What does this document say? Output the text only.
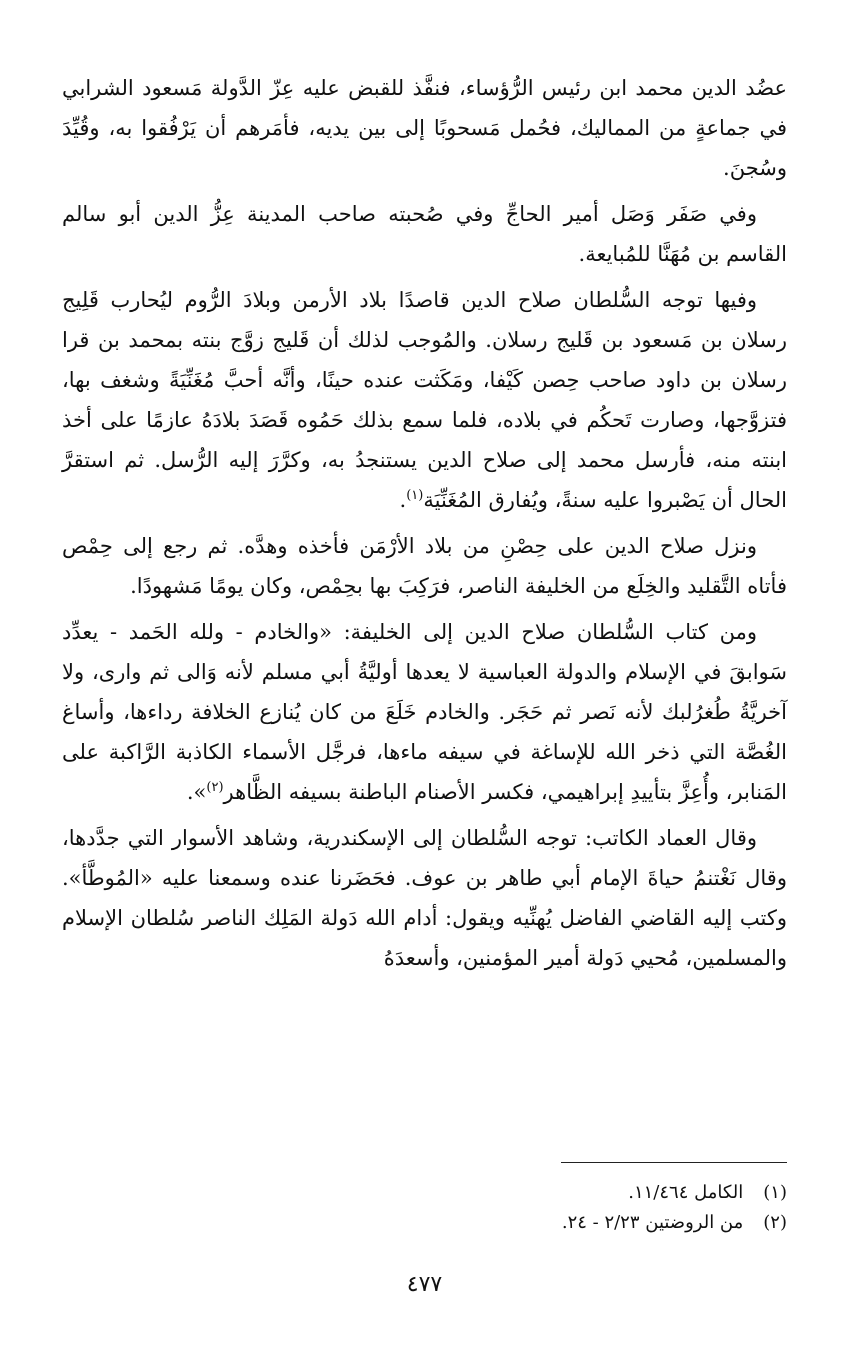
عضُد الدين محمد ابن رئيس الرُّؤساء، فنفَّذ للقبض عليه عِزّ الدَّولة مَسعود الشرابي في جماعةٍ من المماليك، فحُمل مَسحوبًا إلى بين يديه، فأمَرهم أن يَرْفُقوا به، وقُيِّدَ وسُجنَ.

وفي صَفَر وَصَل أمير الحاجِّ وفي صُحبته صاحب المدينة عِزُّ الدين أبو سالم القاسم بن مُهَنَّا للمُبايعة.

وفيها توجه السُّلطان صلاح الدين قاصدًا بلاد الأرمن وبلادَ الرُّوم ليُحارب قَلِيج رسلان بن مَسعود بن قَليج رسلان. والمُوجب لذلك أن قَليج زوَّج بنته بمحمد بن قرا رسلان بن داود صاحب حِصن كَيْفا، ومَكَثت عنده حينًا، وأنَّه أحبَّ مُغَنِّيَةً وشغف بها، فتزوَّجها، وصارت تَحكُم في بلاده، فلما سمع بذلك حَمُوه قَصَدَ بلادَهُ عازمًا على أخذ ابنته منه، فأرسل محمد إلى صلاح الدين يستنجدُ به، وكرَّرَ إليه الرُّسل. ثم استقرَّ الحال أن يَصْبروا عليه سنةً، ويُفارق المُغَنِّيَة$^{(١)}$.

ونزل صلاح الدين على حِصْنِ من بلاد الأرْمَن فأخذه وهدَّه. ثم رجع إلى حِمْص فأتاه التَّقليد والخِلَع من الخليفة الناصر، فرَكِبَ بها بحِمْص، وكان يومًا مَشهودًا.

ومن كتاب السُّلطان صلاح الدين إلى الخليفة: «والخادم - ولله الحَمد - يعدِّد سَوابقَ في الإسلام والدولة العباسية لا يعدها أوليَّةُ أبي مسلم لأنه وَالى ثم وارى، ولا آخريَّةُ طُغرُلبك لأنه نَصر ثم حَجَر. والخادم خَلَعَ من كان يُنازع الخلافة رداءها، وأساغ الغُصَّة التي ذخر الله للإساغة في سيفه ماءها، فرجَّل الأسماء الكاذبة الرَّاكبة على المَنابر، وأُعِزَّ بتأييدِ إبراهيمي، فكسر الأصنام الباطنة بسيفه الظَّاهر$^{(٢)}$».

وقال العماد الكاتب: توجه السُّلطان إلى الإسكندرية، وشاهد الأسوار التي جدَّدها، وقال نَغْتنمُ حياةَ الإمام أبي طاهر بن عوف. فحَضَرنا عنده وسمعنا عليه «المُوطَّأ». وكتب إليه القاضي الفاضل يُهنِّيه ويقول: أدام الله دَولة المَلِك الناصر سُلطان الإسلام والمسلمين، مُحيي دَولة أمير المؤمنين، وأسعدَهُ

(١) الكامل ١١/٤٦٤.

(٢) من الروضتين ٢/٢٣ - ٢٤.

٤٧٧
